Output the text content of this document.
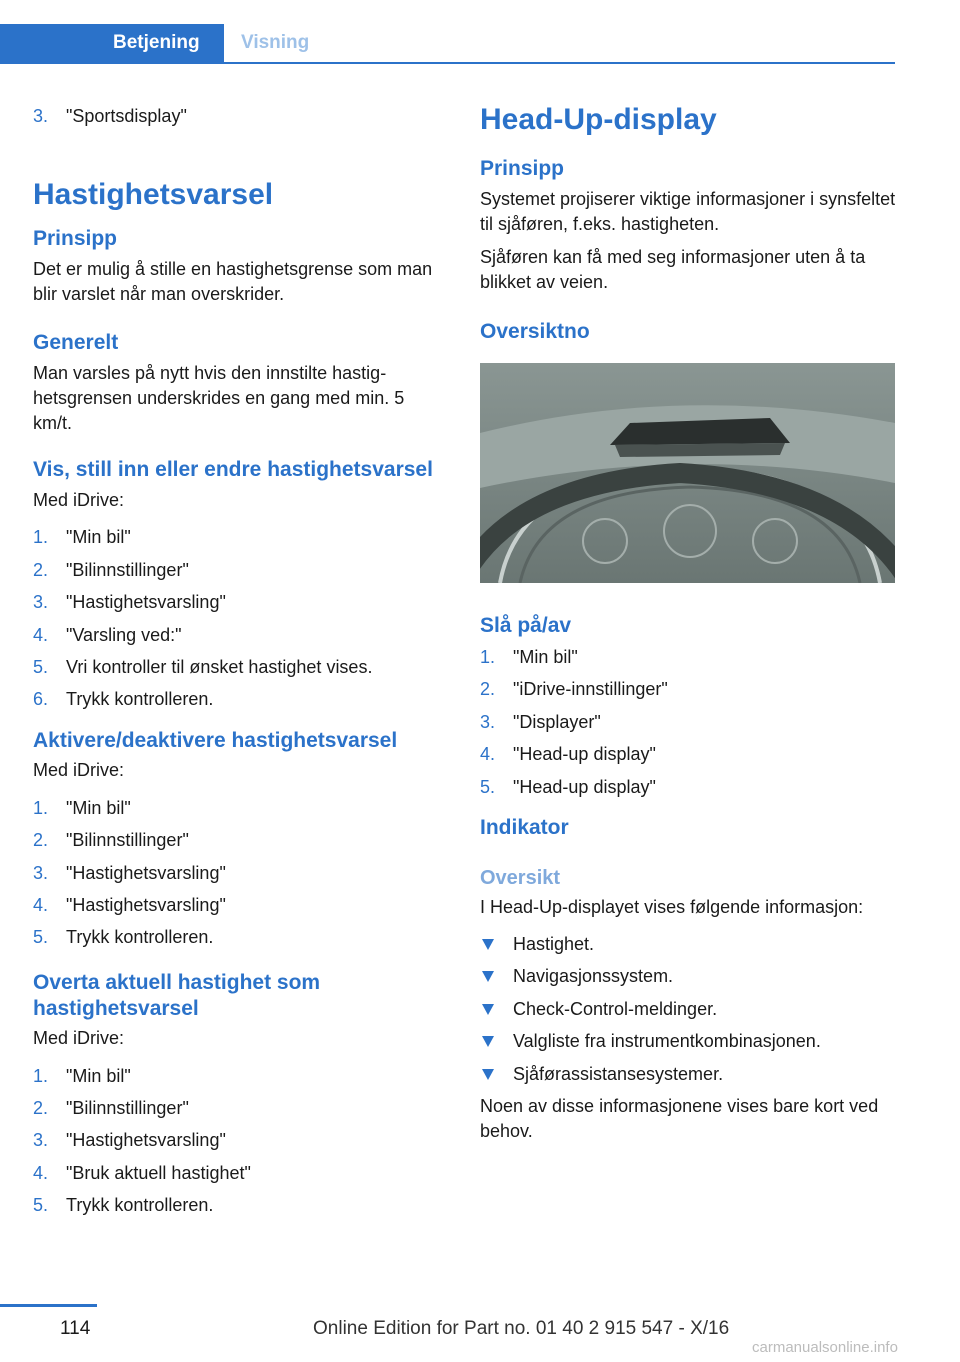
Betjening Visning
3. "Sportsdisplay"
Hastighetsvarsel
Prinsipp
Det er mulig å stille en hastighetsgrense som man blir varslet når man overskrider.
Generelt
Man varsles på nytt hvis den innstilte hastighetsgrensen underskrides en gang med min. 5 km/t.
Vis, still inn eller endre hastighetsvarsel
Med iDrive:
1. "Min bil"
2. "Bilinnstillinger"
3. "Hastighetsvarsling"
4. "Varsling ved:"
5. Vri kontroller til ønsket hastighet vises.
6. Trykk kontrolleren.
Aktivere/deaktivere hastighetsvarsel
Med iDrive:
1. "Min bil"
2. "Bilinnstillinger"
3. "Hastighetsvarsling"
4. "Hastighetsvarsling"
5. Trykk kontrolleren.
Overta aktuell hastighet som hastighetsvarsel
Med iDrive:
1. "Min bil"
2. "Bilinnstillinger"
3. "Hastighetsvarsling"
4. "Bruk aktuell hastighet"
5. Trykk kontrolleren.
Head-Up-display
Prinsipp
Systemet projiserer viktige informasjoner i synsfeltet til sjåføren, f.eks. hastigheten.
Sjåføren kan få med seg informasjoner uten å ta blikket av veien.
Oversiktno
Slå på/av
1. "Min bil"
2. "iDrive-innstillinger"
3. "Displayer"
4. "Head-up display"
5. "Head-up display"
Indikator
Oversikt
I Head-Up-displayet vises følgende informasjon:
Hastighet.
Navigasjonssystem.
Check-Control-meldinger.
Valgliste fra instrumentkombinasjonen.
Sjåførassistansesystemer.
Noen av disse informasjonene vises bare kort ved behov.
114	Online Edition for Part no. 01 40 2 915 547 - X/16
carmanualsonline.info
